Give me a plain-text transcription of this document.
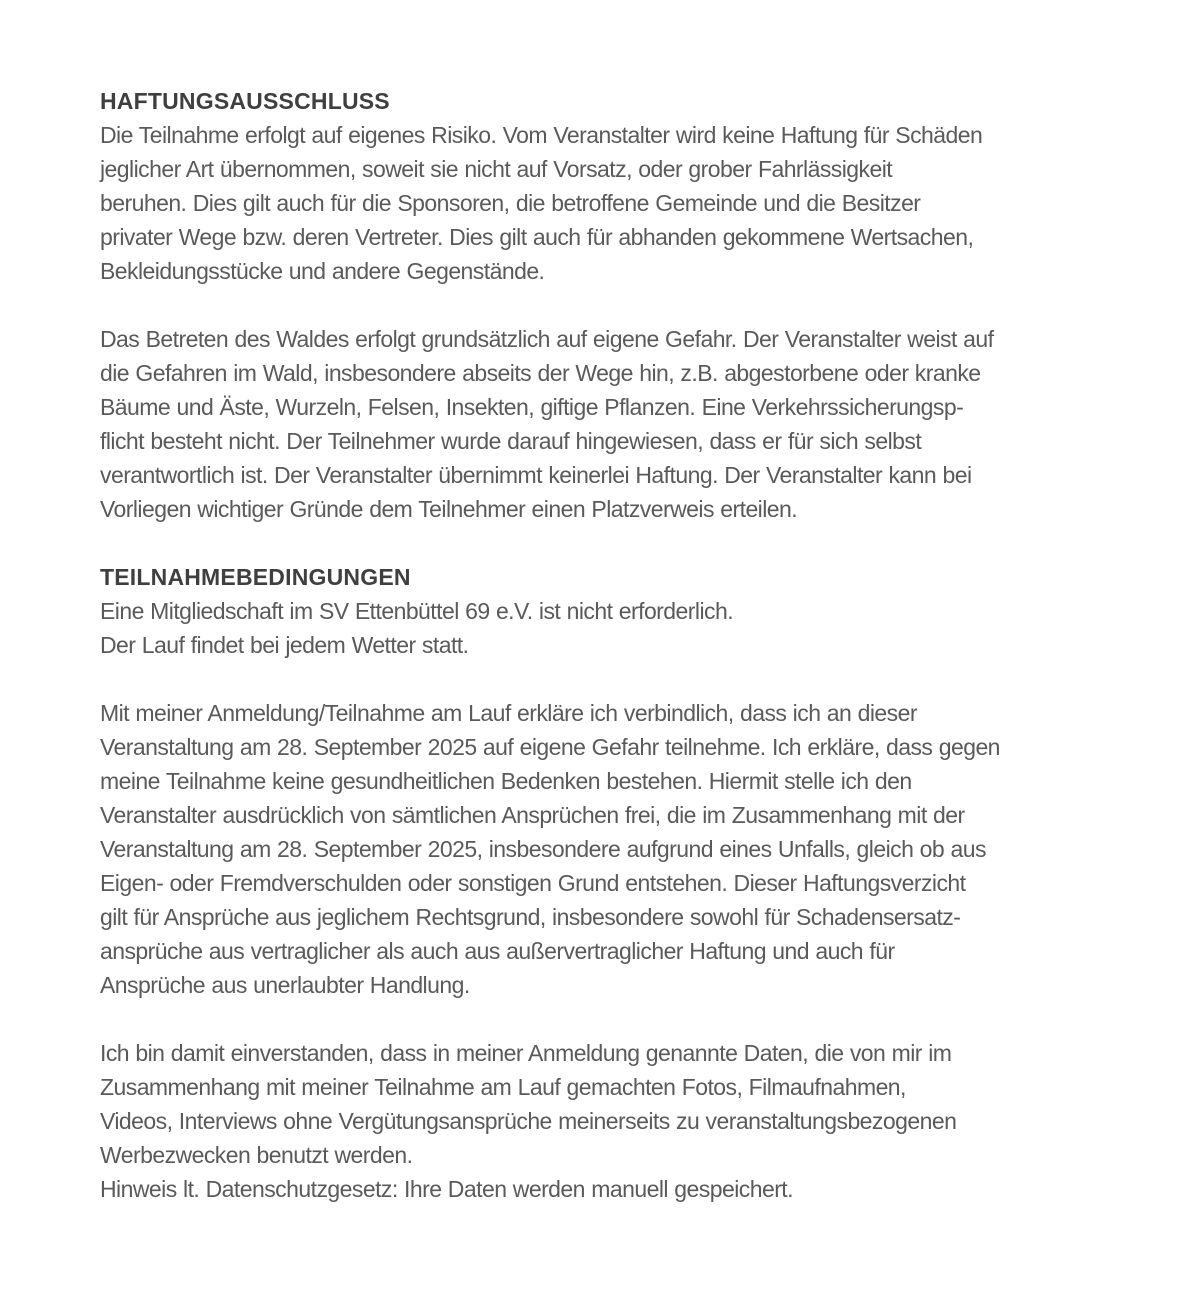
HAFTUNGSAUSSCHLUSS

Die Teilnahme erfolgt auf eigenes Risiko. Vom Veranstalter wird keine Haftung für Schäden
jeglicher Art übernommen, soweit sie nicht auf Vorsatz, oder grober Fahrlässigkeit
beruhen. Dies gilt auch für die Sponsoren, die betroffene Gemeinde und die Besitzer
privater Wege bzw. deren Vertreter. Dies gilt auch für abhanden gekommene Wertsachen,
Bekleidungsstücke und andere Gegenstände.

Das Betreten des Waldes erfolgt grundsätzlich auf eigene Gefahr. Der Veranstalter weist auf
die Gefahren im Wald, insbesondere abseits der Wege hin, z.B. abgestorbene oder kranke
Bäume und Äste, Wurzeln, Felsen, Insekten, giftige Pflanzen. Eine Verkehrssicherungsp-
flicht besteht nicht. Der Teilnehmer wurde darauf hingewiesen, dass er für sich selbst
verantwortlich ist. Der Veranstalter übernimmt keinerlei Haftung. Der Veranstalter kann bei
Vorliegen wichtiger Gründe dem Teilnehmer einen Platzverweis erteilen.

TEILNAHMEBEDINGUNGEN

Eine Mitgliedschaft im SV Ettenbüttel 69 e.V. ist nicht erforderlich.
Der Lauf findet bei jedem Wetter statt.

Mit meiner Anmeldung/Teilnahme am Lauf erkläre ich verbindlich, dass ich an dieser
Veranstaltung am 28. September 2025 auf eigene Gefahr teilnehme. Ich erkläre, dass gegen
meine Teilnahme keine gesundheitlichen Bedenken bestehen. Hiermit stelle ich den
Veranstalter ausdrücklich von sämtlichen Ansprüchen frei, die im Zusammenhang mit der
Veranstaltung am 28. September 2025, insbesondere aufgrund eines Unfalls, gleich ob aus
Eigen- oder Fremdverschulden oder sonstigen Grund entstehen. Dieser Haftungsverzicht
gilt für Ansprüche aus jeglichem Rechtsgrund, insbesondere sowohl für Schadensersatz-
ansprüche aus vertraglicher als auch aus außervertraglicher Haftung und auch für
Ansprüche aus unerlaubter Handlung.

Ich bin damit einverstanden, dass in meiner Anmeldung genannte Daten, die von mir im
Zusammenhang mit meiner Teilnahme am Lauf gemachten Fotos, Filmaufnahmen,
Videos, Interviews ohne Vergütungsansprüche meinerseits zu veranstaltungsbezogenen
Werbezwecken benutzt werden.
Hinweis lt. Datenschutzgesetz: Ihre Daten werden manuell gespeichert.
